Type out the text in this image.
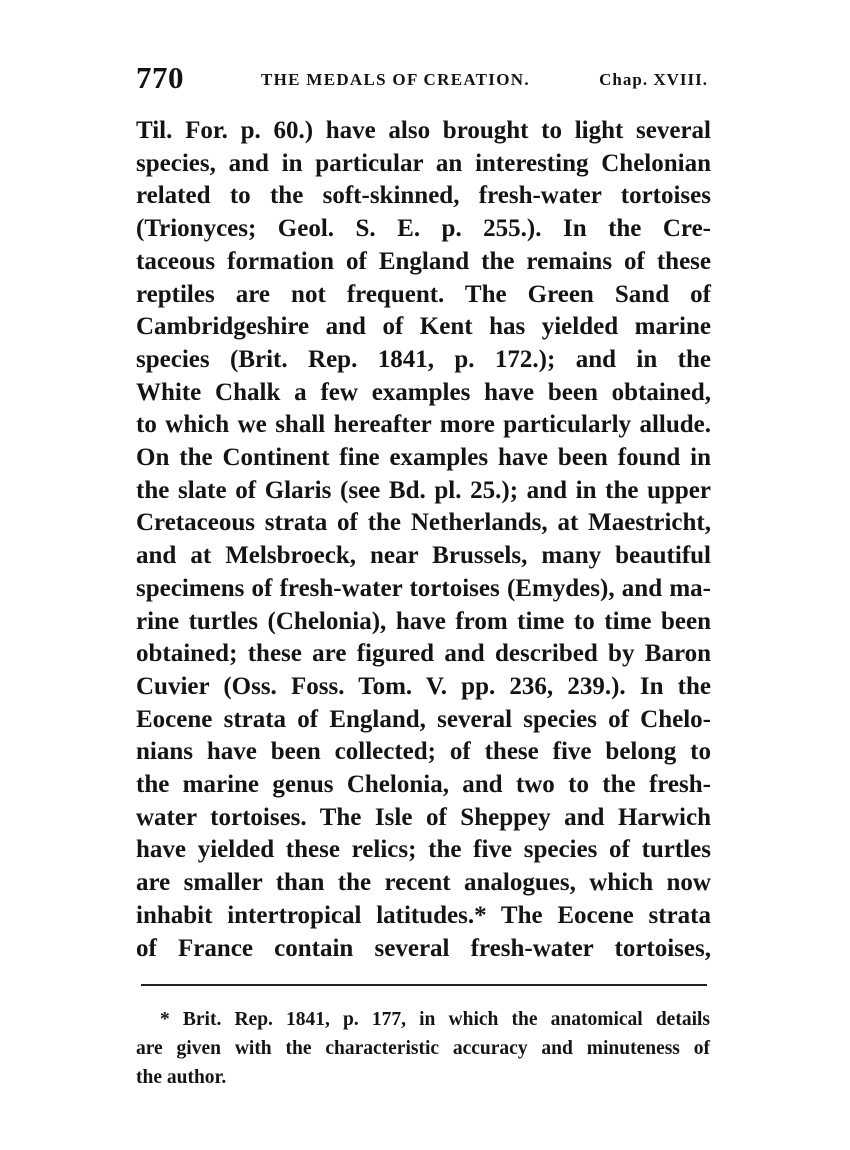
770	THE MEDALS OF CREATION.	Chap. XVIII.
Til. For. p. 60.) have also brought to light several
species, and in particular an interesting Chelonian
related to the soft-skinned, fresh-water tortoises
(Trionyces; Geol. S. E. p. 255.). In the Cre-
taceous formation of England the remains of these
reptiles are not frequent. The Green Sand of
Cambridgeshire and of Kent has yielded marine
species (Brit. Rep. 1841, p. 172.); and in the
White Chalk a few examples have been obtained,
to which we shall hereafter more particularly allude.
On the Continent fine examples have been found in
the slate of Glaris (see Bd. pl. 25.); and in the upper
Cretaceous strata of the Netherlands, at Maestricht,
and at Melsbroeck, near Brussels, many beautiful
specimens of fresh-water tortoises (Emydes), and ma-
rine turtles (Chelonia), have from time to time been
obtained; these are figured and described by Baron
Cuvier (Oss. Foss. Tom. V. pp. 236, 239.). In the
Eocene strata of England, several species of Chelo-
nians have been collected; of these five belong to
the marine genus Chelonia, and two to the fresh-
water tortoises. The Isle of Sheppey and Harwich
have yielded these relics; the five species of turtles
are smaller than the recent analogues, which now
inhabit intertropical latitudes.* The Eocene strata
of France contain several fresh-water tortoises,
* Brit. Rep. 1841, p. 177, in which the anatomical details
are given with the characteristic accuracy and minuteness of
the author.
